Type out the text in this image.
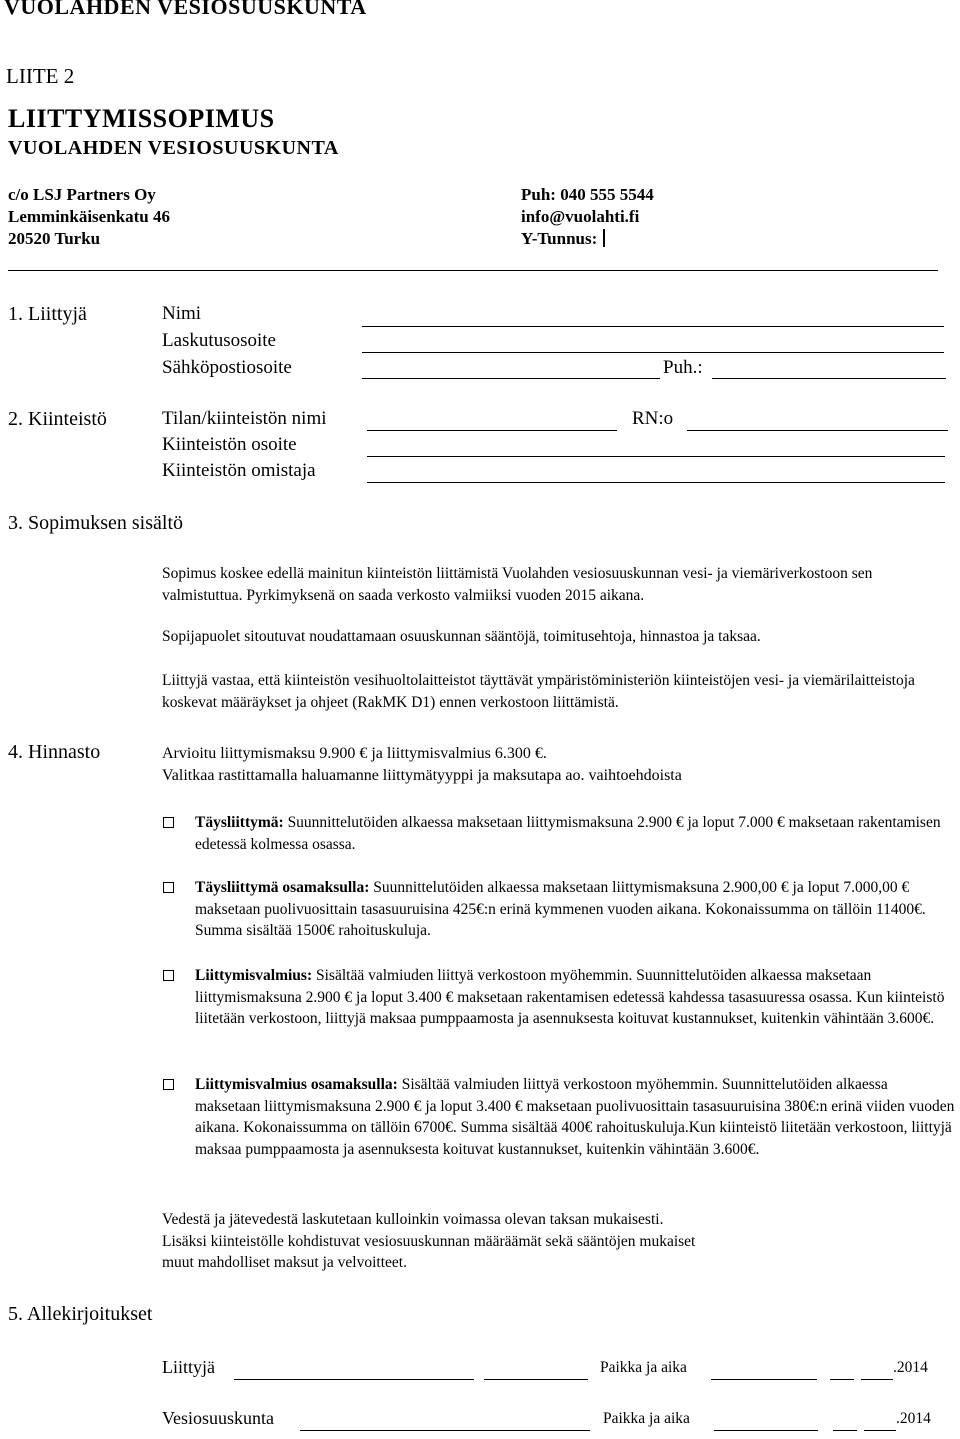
VUOLAHDEN VESIOSUUSKUNTA
LIITE 2
LIITTYMISSOPIMUS
VUOLAHDEN VESIOSUUSKUNTA
c/o LSJ Partners Oy
Lemminkäisenkatu 46
20520 Turku
Puh: 040 555 5544
info@vuolahti.fi
Y-Tunnus:
1. Liittyjä	Nimi
Laskutusosoite
Sähköpostiosoite	Puh.:
2. Kiinteistö	Tilan/kiinteistön nimi	RN:o
Kiinteistön osoite
Kiinteistön omistaja
3. Sopimuksen sisältö
Sopimus koskee edellä mainitun kiinteistön liittämistä Vuolahden vesiosuuskunnan vesi- ja viemäriverkostoon sen valmistuttua. Pyrkimyksenä on saada verkosto valmiiksi vuoden 2015 aikana.
Sopijapuolet sitoutuvat noudattamaan osuuskunnan sääntöjä, toimitusehtoja, hinnastoa ja taksaa.
Liittyjä vastaa, että kiinteistön vesihuoltolaitteistot täyttävät ympäristöministeriön kiinteistöjen vesi- ja viemärilaitteistoja koskevat määräykset ja ohjeet (RakMK D1) ennen verkostoon liittämistä.
4. Hinnasto	Arvioitu liittymismaksu 9.900 € ja liittymisvalmius 6.300 €.
Valitkaa rastittamalla haluamanne liittymätyyppi ja maksutapa ao. vaihtoehdoista
Täysliittymä: Suunnittelutöiden alkaessa maksetaan liittymismaksuna 2.900 € ja loput 7.000 € maksetaan rakentamisen edetessä kolmessa osassa.
Täysliittymä osamaksulla: Suunnittelutöiden alkaessa maksetaan liittymismaksuna 2.900,00 € ja loput 7.000,00 € maksetaan puolivuosittain tasasuuruisina 425€:n erinä kymmenen vuoden aikana. Kokonaissumma on tällöin 11400€. Summa sisältää 1500€ rahoituskuluja.
Liittymisvalmius: Sisältää valmiuden liittyä verkostoon myöhemmin. Suunnittelutöiden alkaessa maksetaan liittymismaksuna 2.900 € ja loput 3.400 € maksetaan rakentamisen edetessä kahdessa tasasuuressa osassa. Kun kiinteistö liitetään verkostoon, liittyjä maksaa pumppaamosta ja asennuksesta koituvat kustannukset, kuitenkin vähintään 3.600€.
Liittymisvalmius osamaksulla: Sisältää valmiuden liittyä verkostoon myöhemmin. Suunnittelutöiden alkaessa maksetaan liittymismaksuna 2.900 € ja loput 3.400 € maksetaan puolivuosittain tasasuuruisina 380€:n erinä viiden vuoden aikana. Kokonaissumma on tällöin 6700€. Summa sisältää 400€ rahoituskuluja.Kun kiinteistö liitetään verkostoon, liittyjä maksaa pumppaamosta ja asennuksesta koituvat kustannukset, kuitenkin vähintään 3.600€.
Vedestä ja jätevedestä laskutetaan kulloinkin voimassa olevan taksan mukaisesti.
Lisäksi kiinteistölle kohdistuvat vesiosuuskunnan määräämät sekä sääntöjen mukaiset
muut mahdolliset maksut ja velvoitteet.
5. Allekirjoitukset
Liittyjä	Paikka ja aika	.2014
Vesiosuuskunta	Paikka ja aika	.2014
